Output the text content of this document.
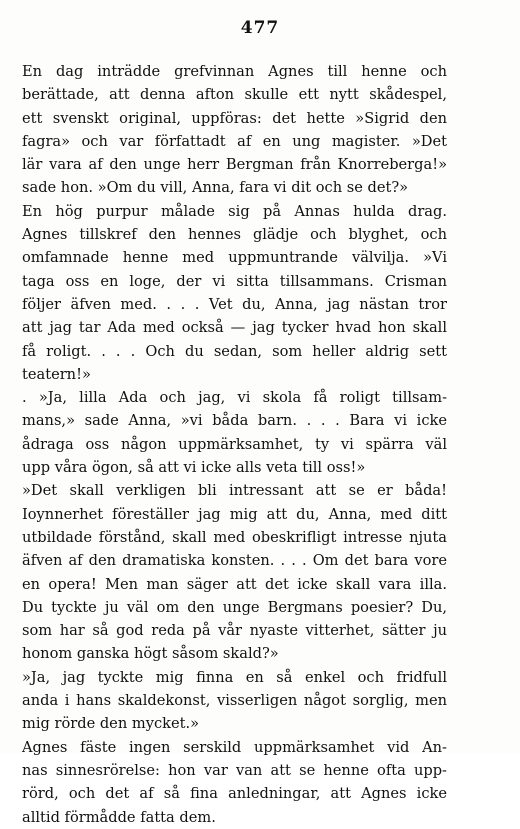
477
En dag inträdde grefvinnan Agnes till henne och
berättade, att denna afton skulle ett nytt skådespel,
ett svenskt original, uppföras: det hette »Sigrid den
fagra» och var författadt af en ung magister. »Det
lär vara af den unge herr Bergman från Knorreberga!»
sade hon. »Om du vill, Anna, fara vi dit och se det?»
En hög purpur målade sig på Annas hulda drag.
Agnes tillskref den hennes glädje och blyghet, och
omfamnade henne med uppmuntrande välvilja. »Vi
taga oss en loge, der vi sitta tillsammans. Crisman
följer äfven med. . . . Vet du, Anna, jag nästan tror
att jag tar Ada med också — jag tycker hvad hon skall
få roligt. . . . Och du sedan, som heller aldrig sett
teatern!»
. »Ja, lilla Ada och jag, vi skola få roligt tillsam-
mans,» sade Anna, »vi båda barn. . . . Bara vi icke
ådraga oss någon uppmärksamhet, ty vi spärra väl
upp våra ögon, så att vi icke alls veta till oss!»
»Det skall verkligen bli intressant att se er båda!
Ioynnerhet föreställer jag mig att du, Anna, med ditt
utbildade förstånd, skall med obeskrifligt intresse njuta
äfven af den dramatiska konsten. . . . Om det bara vore
en opera! Men man säger att det icke skall vara illa.
Du tyckte ju väl om den unge Bergmans poesier? Du,
som har så god reda på vår nyaste vitterhet, sätter ju
honom ganska högt såsom skald?»
»Ja, jag tyckte mig finna en så enkel och fridfull
anda i hans skaldekonst, visserligen något sorglig, men
mig rörde den mycket.»
Agnes fäste ingen serskild uppmärksamhet vid An-
nas sinnesrörelse: hon var van att se henne ofta upp-
rörd, och det af så fina anledningar, att Agnes icke
alltid förmådde fatta dem.
